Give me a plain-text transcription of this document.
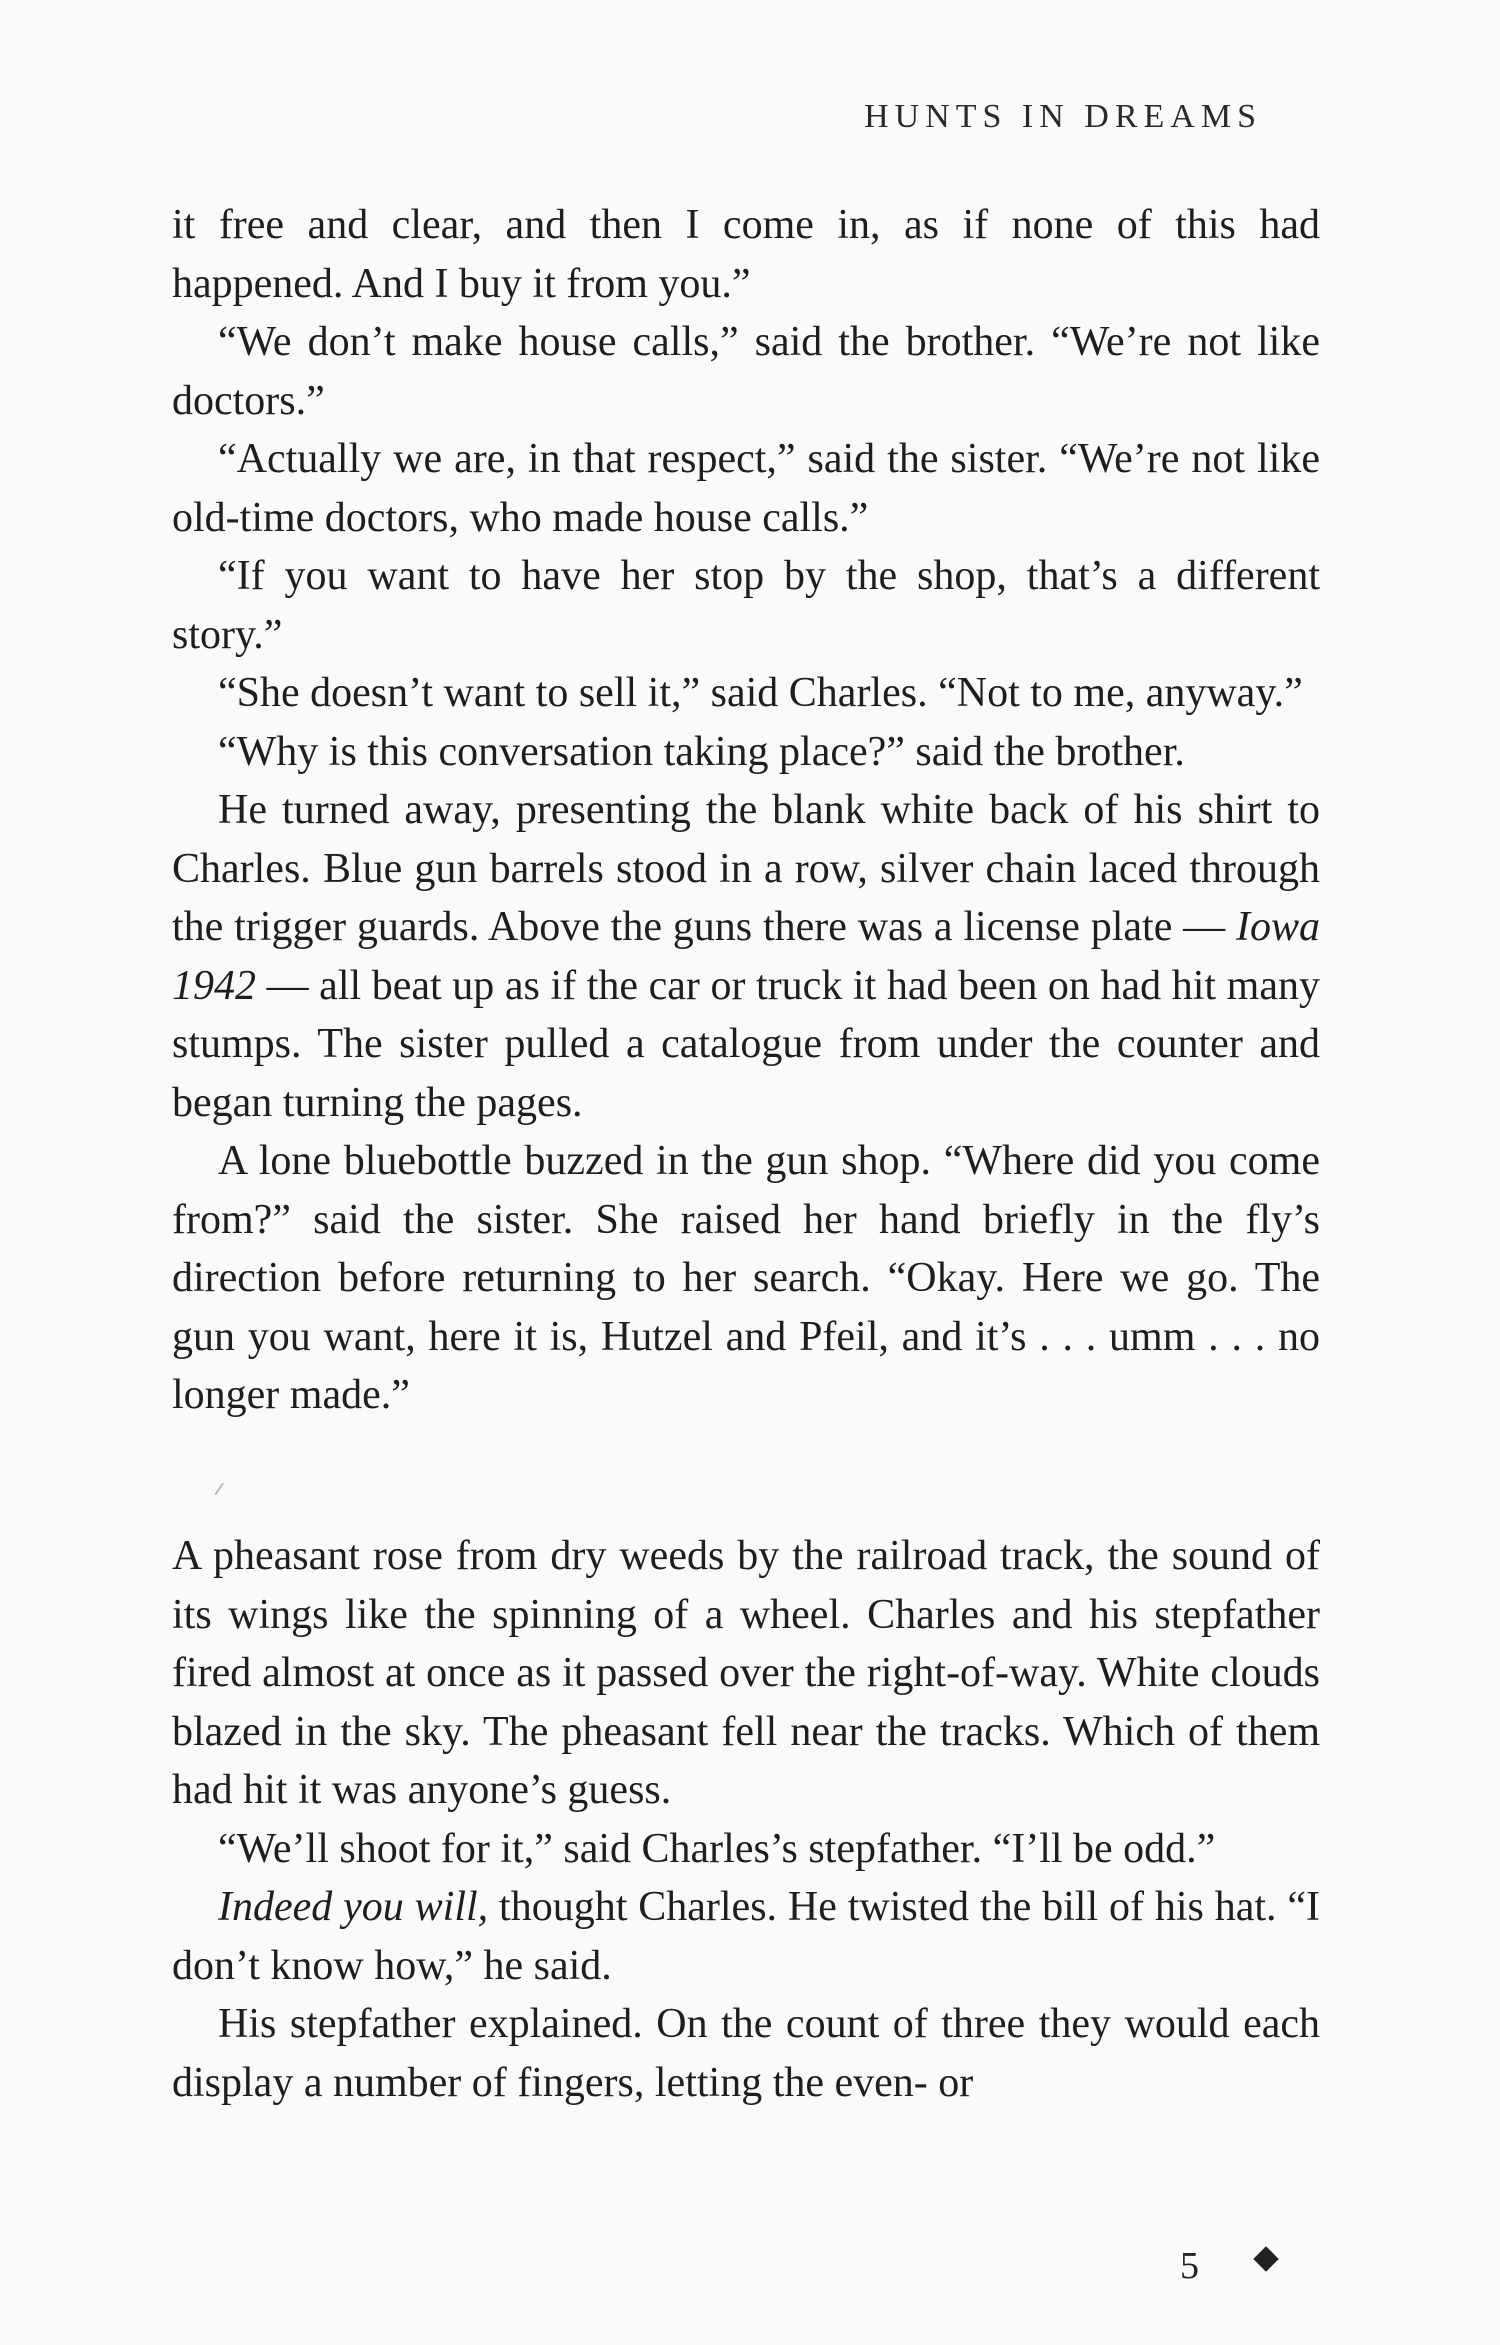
HUNTS IN DREAMS

it free and clear, and then I come in, as if none of this had happened. And I buy it from you.”

“We don’t make house calls,” said the brother. “We’re not like doctors.”

“Actually we are, in that respect,” said the sister. “We’re not like old-time doctors, who made house calls.”

“If you want to have her stop by the shop, that’s a different story.”

“She doesn’t want to sell it,” said Charles. “Not to me, anyway.”

“Why is this conversation taking place?” said the brother.

He turned away, presenting the blank white back of his shirt to Charles. Blue gun barrels stood in a row, silver chain laced through the trigger guards. Above the guns there was a license plate — Iowa 1942 — all beat up as if the car or truck it had been on had hit many stumps. The sister pulled a catalogue from under the counter and began turning the pages.

A lone bluebottle buzzed in the gun shop. “Where did you come from?” said the sister. She raised her hand briefly in the fly’s direction before returning to her search. “Okay. Here we go. The gun you want, here it is, Hutzel and Pfeil, and it’s . . . umm . . . no longer made.”

A pheasant rose from dry weeds by the railroad track, the sound of its wings like the spinning of a wheel. Charles and his stepfather fired almost at once as it passed over the right-of-way. White clouds blazed in the sky. The pheasant fell near the tracks. Which of them had hit it was anyone’s guess.

“We’ll shoot for it,” said Charles’s stepfather. “I’ll be odd.”

Indeed you will, thought Charles. He twisted the bill of his hat. “I don’t know how,” he said.

His stepfather explained. On the count of three they would each display a number of fingers, letting the even- or

5
